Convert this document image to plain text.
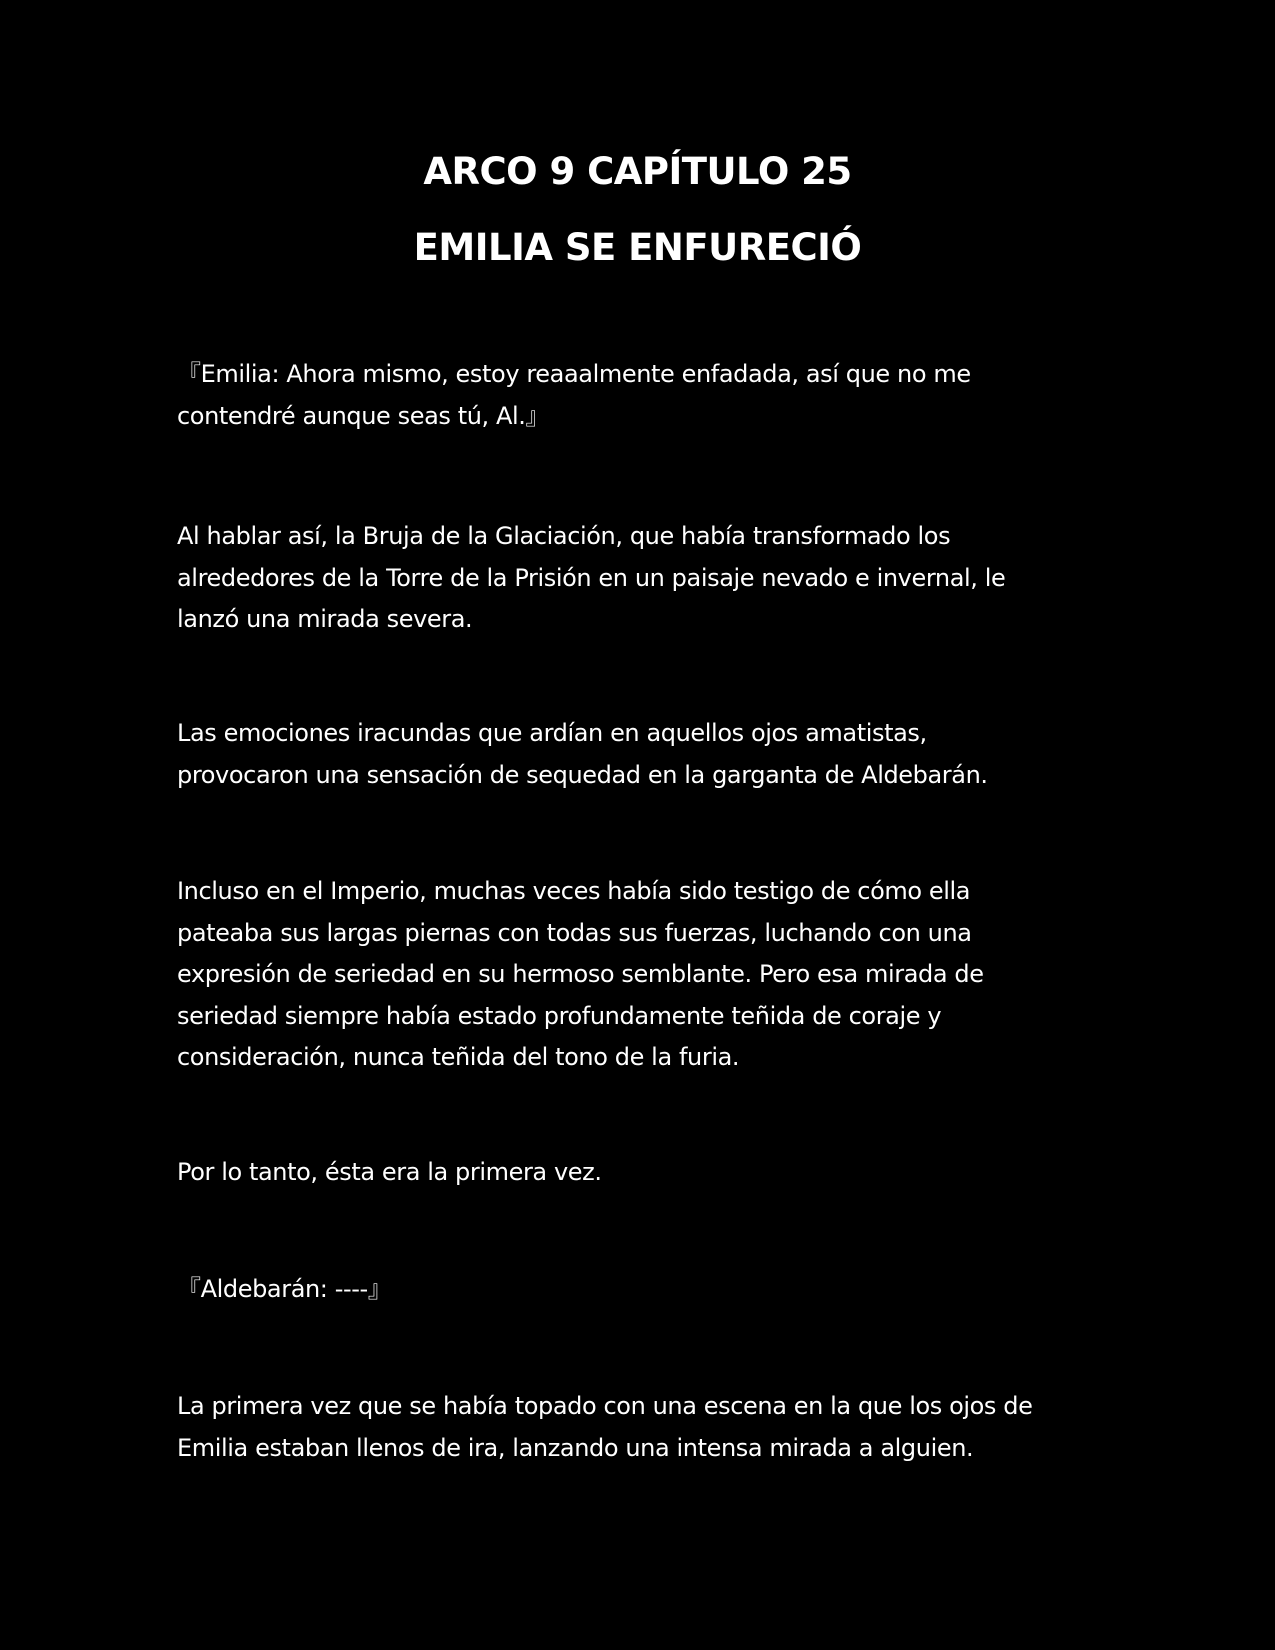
ARCO 9 CAPÍTULO 25
EMILIA SE ENFURECIÓ

『Emilia: Ahora mismo, estoy reaaalmente enfadada, así que no me
contendré aunque seas tú, Al.』

Al hablar así, la Bruja de la Glaciación, que había transformado los
alrededores de la Torre de la Prisión en un paisaje nevado e invernal, le
lanzó una mirada severa.

Las emociones iracundas que ardían en aquellos ojos amatistas,
provocaron una sensación de sequedad en la garganta de Aldebarán.

Incluso en el Imperio, muchas veces había sido testigo de cómo ella
pateaba sus largas piernas con todas sus fuerzas, luchando con una
expresión de seriedad en su hermoso semblante. Pero esa mirada de
seriedad siempre había estado profundamente teñida de coraje y
consideración, nunca teñida del tono de la furia.

Por lo tanto, ésta era la primera vez.

『Aldebarán: ----』

La primera vez que se había topado con una escena en la que los ojos de
Emilia estaban llenos de ira, lanzando una intensa mirada a alguien.
